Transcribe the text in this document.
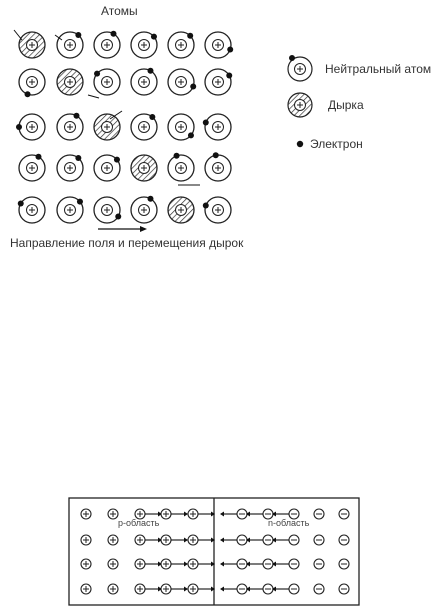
Атомы
Направление поля и перемещения дырок
Нейтральный атом
Дырка
Электрон
p-область	n-область
